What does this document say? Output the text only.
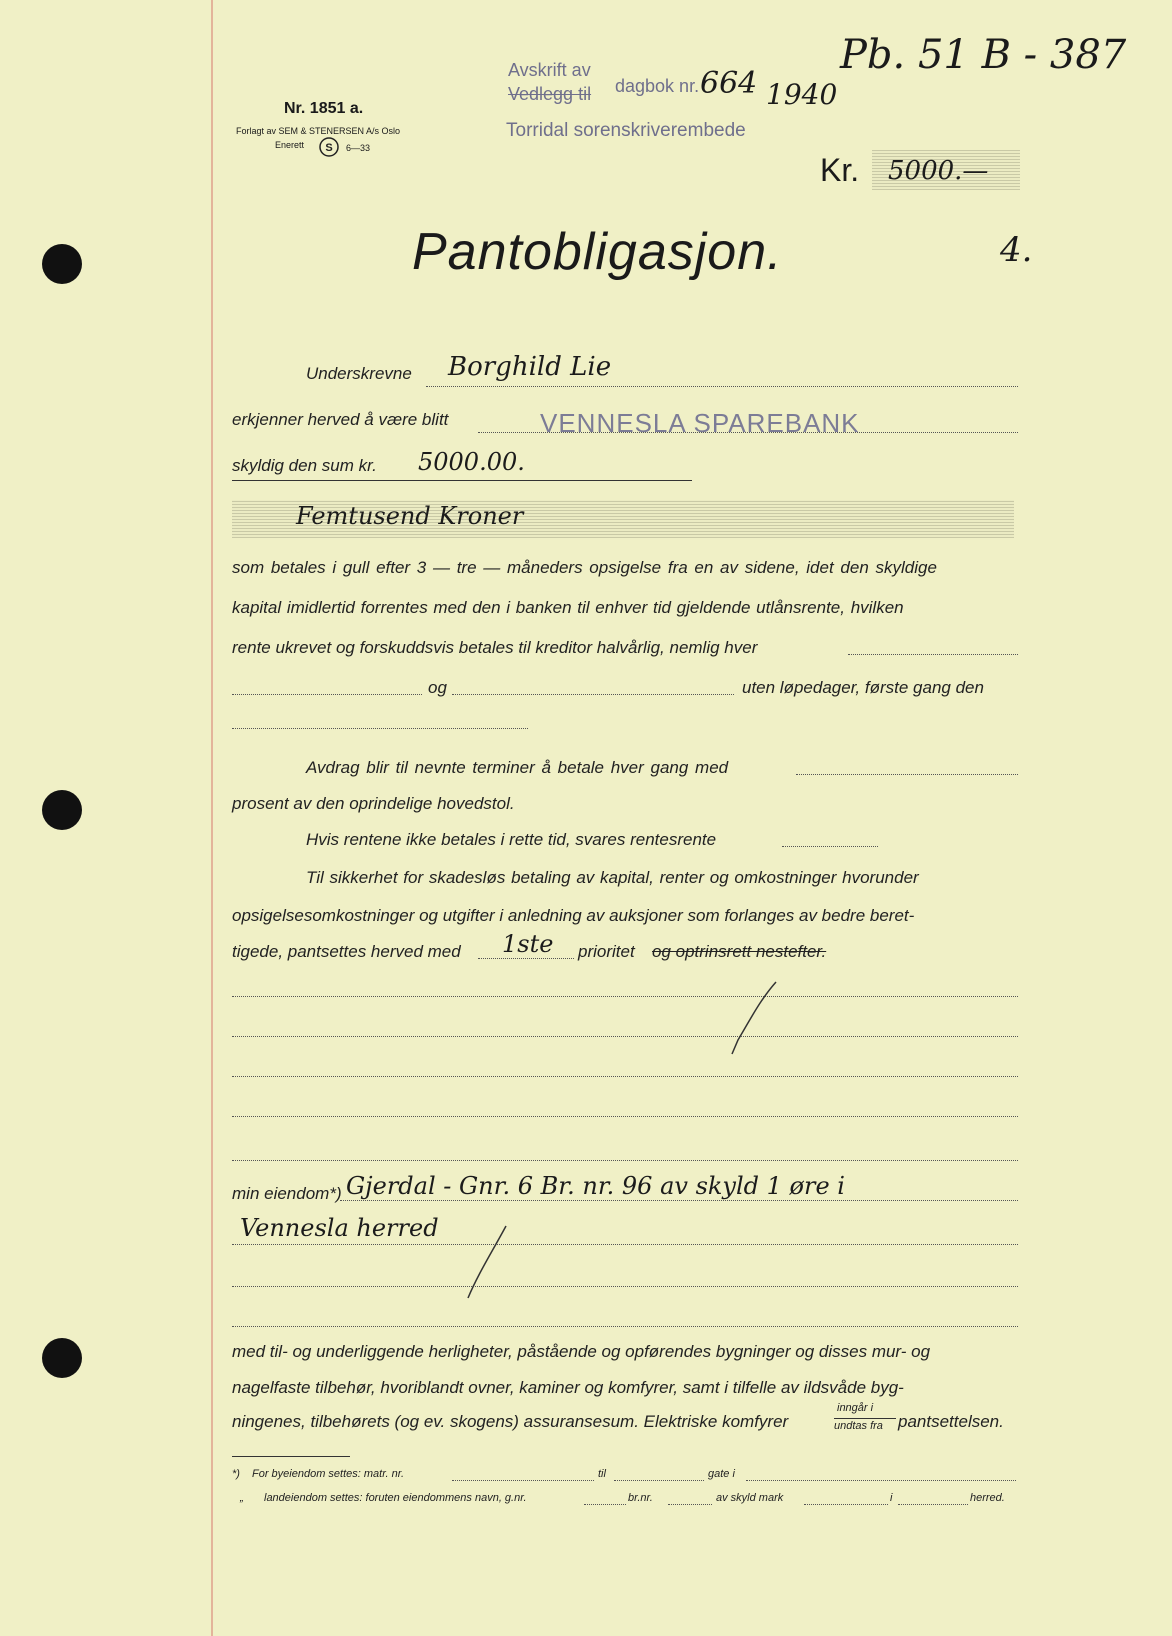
Nr. 1851 a.
Forlagt av SEM & STENERSEN A/s Oslo
Enerett	6—33
S
Avskrift av
Vedlegg til dagbok nr. 664 1940
Torridal sorenskriverembede
Pb. 51 B - 387
Kr. 5000.—
Pantobligasjon.	4.
Underskrevne Borghild Lie
erkjenner herved å være blitt	VENNESLA SPAREBANK
skyldig den sum kr. 5000.00.
Femtusend Kroner
som betales i gull efter 3 — tre — måneders opsigelse fra en av sidene, idet den skyldige
kapital imidlertid forrentes med den i banken til enhver tid gjeldende utlånsrente, hvilken
rente ukrevet og forskuddsvis betales til kreditor halvårlig, nemlig hver
og	uten løpedager, første gang den
Avdrag blir til nevnte terminer å betale hver gang med
prosent av den oprindelige hovedstol.
Hvis rentene ikke betales i rette tid, svares rentesrente
Til sikkerhet for skadesløs betaling av kapital, renter og omkostninger hvorunder
opsigelsesomkostninger og utgifter i anledning av auksjoner som forlanges av bedre beret-
tigede, pantsettes herved med 1ste prioritet og optrinsrett nestefter.
min eiendom*) Gjerdal - Gnr. 6 Br. nr. 96 av skyld 1 øre i
Vennesla herred
med til- og underliggende herligheter, påstående og opførendes bygninger og disses mur- og
nagelfaste tilbehør, hvoriblandt ovner, kaminer og komfyrer, samt i tilfelle av ildsvåde byg-
ningenes, tilbehørets (og ev. skogens) assuransesum. Elektriske komfyrer
inngår i
undtas fra pantsettelsen.
*) For byeiendom settes: matr. nr.	til	gate i
„ landeiendom settes: foruten eiendommens navn, g.nr.	br.nr.	av skyld mark	i	herred.
